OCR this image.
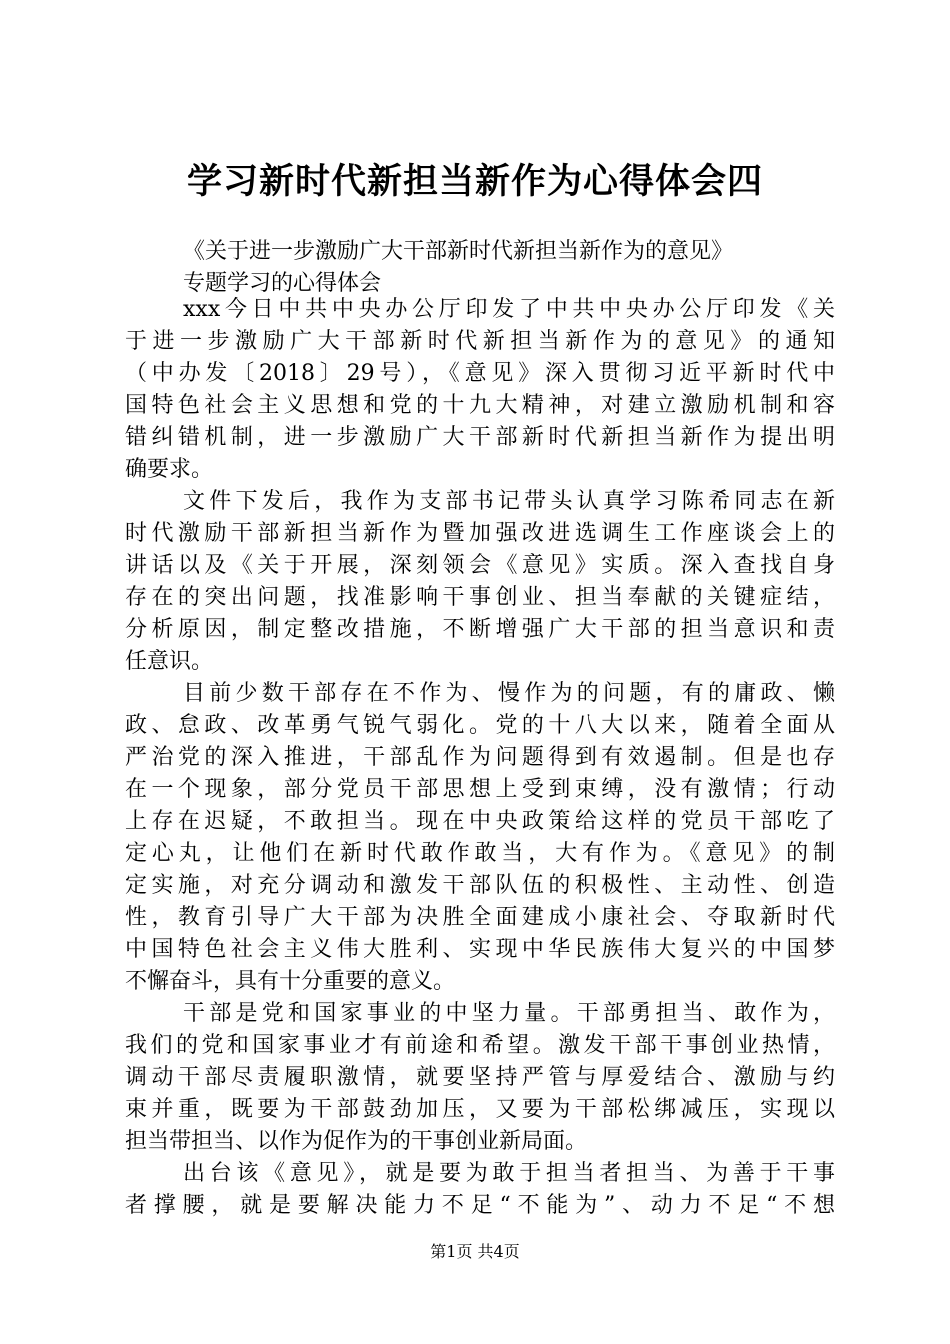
学习新时代新担当新作为心得体会四
《关于进一步激励广大干部新时代新担当新作为的意见》
专题学习的心得体会
xxx今日中共中央办公厅印发了中共中央办公厅印发《关
于进一步激励广大干部新时代新担当新作为的意见》的通知
（中办发〔2018〕29号），《意见》深入贯彻习近平新时代中
国特色社会主义思想和党的十九大精神，对建立激励机制和容
错纠错机制，进一步激励广大干部新时代新担当新作为提出明
确要求。
文件下发后，我作为支部书记带头认真学习陈希同志在新
时代激励干部新担当新作为暨加强改进选调生工作座谈会上的
讲话以及《关于开展，深刻领会《意见》实质。深入查找自身
存在的突出问题，找准影响干事创业、担当奉献的关键症结，
分析原因，制定整改措施，不断增强广大干部的担当意识和责
任意识。
目前少数干部存在不作为、慢作为的问题，有的庸政、懒
政、怠政、改革勇气锐气弱化。党的十八大以来，随着全面从
严治党的深入推进，干部乱作为问题得到有效遏制。但是也存
在一个现象，部分党员干部思想上受到束缚，没有激情；行动
上存在迟疑，不敢担当。现在中央政策给这样的党员干部吃了
定心丸，让他们在新时代敢作敢当，大有作为。《意见》的制
定实施，对充分调动和激发干部队伍的积极性、主动性、创造
性，教育引导广大干部为决胜全面建成小康社会、夺取新时代
中国特色社会主义伟大胜利、实现中华民族伟大复兴的中国梦
不懈奋斗，具有十分重要的意义。
干部是党和国家事业的中坚力量。干部勇担当、敢作为，
我们的党和国家事业才有前途和希望。激发干部干事创业热情，
调动干部尽责履职激情，就要坚持严管与厚爱结合、激励与约
束并重，既要为干部鼓劲加压，又要为干部松绑减压，实现以
担当带担当、以作为促作为的干事创业新局面。
出台该《意见》，就是要为敢于担当者担当、为善于干事
者撑腰，就是要解决能力不足“不能为”、动力不足“不想
第1页 共4页
